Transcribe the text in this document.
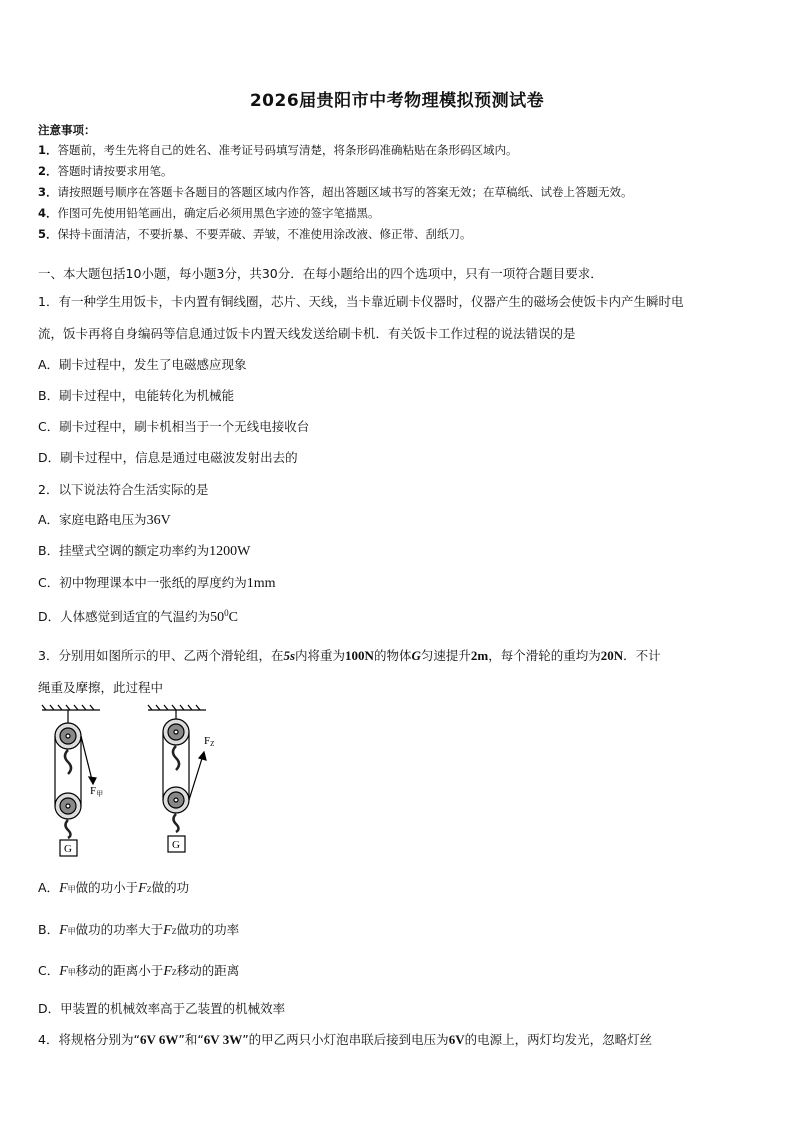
2026届贵阳市中考物理模拟预测试卷
注意事项：
1．答题前，考生先将自己的姓名、准考证号码填写清楚，将条形码准确粘贴在条形码区域内。
2．答题时请按要求用笔。
3．请按照题号顺序在答题卡各题目的答题区域内作答，超出答题区域书写的答案无效；在草稿纸、试卷上答题无效。
4．作图可先使用铅笔画出，确定后必须用黑色字迹的签字笔描黑。
5．保持卡面清洁，不要折暴、不要弄破、弄皱，不准使用涂改液、修正带、刮纸刀。
一、本大题包括10小题，每小题3分，共30分．在每小题给出的四个选项中，只有一项符合题目要求．
1．有一种学生用饭卡，卡内置有铜线圈，芯片、天线，当卡靠近刷卡仪器时，仪器产生的磁场会使饭卡内产生瞬时电
流，饭卡再将自身编码等信息通过饭卡内置天线发送给刷卡机．有关饭卡工作过程的说法错误的是
A．刷卡过程中，发生了电磁感应现象
B．刷卡过程中，电能转化为机械能
C．刷卡过程中，刷卡机相当于一个无线电接收台
D．刷卡过程中，信息是通过电磁波发射出去的
2．以下说法符合生活实际的是
A．家庭电路电压为36V
B．挂壁式空调的额定功率约为1200W
C．初中物理课本中一张纸的厚度约为1mm
D．人体感觉到适宜的气温约为$50^0C$
3．分别用如图所示的甲、乙两个滑轮组，在5s内将重为100N的物体G匀速提升2m，每个滑轮的重均为20N．不计
绳重及摩擦，此过程中
F甲
FZ
G	G
A．F甲做的功小于FZ做的功
B．F甲做功的功率大于FZ做功的功率
C．F甲移动的距离小于FZ移动的距离
D．甲装置的机械效率高于乙装置的机械效率
4．将规格分别为“6V 6W”和“6V 3W”的甲乙两只小灯泡串联后接到电压为6V的电源上，两灯均发光，忽略灯丝
